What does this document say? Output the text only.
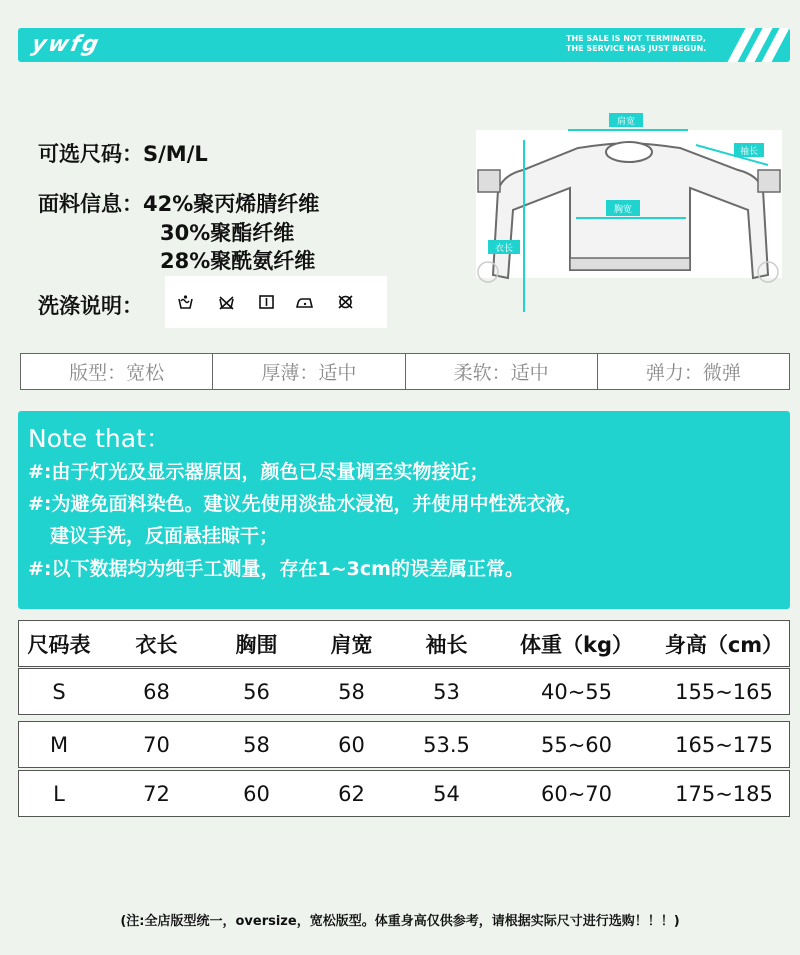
ywfg	THE SALE IS NOT TERMINATED,
THE SERVICE HAS JUST BEGUN.
可选尺码：S/M/L
面料信息：42%聚丙烯腈纤维
30%聚酯纤维
28%聚酰氨纤维
洗涤说明：
肩宽
袖长
胸宽
衣长
版型：宽松	厚薄：适中	柔软：适中	弹力：微弹
Note that：
#:由于灯光及显示器原因，颜色已尽量调至实物接近；
#:为避免面料染色。建议先使用淡盐水浸泡，并使用中性洗衣液，
建议手洗，反面悬挂晾干；
#:以下数据均为纯手工测量，存在1~3cm的误差属正常。
尺码表	衣长	胸围	肩宽	袖长	体重（kg）	身高（cm）
S	68	56	58	53	40~55	155~165
M	70	58	60	53.5	55~60	165~175
L	72	60	62	54	60~70	175~185
(注:全店版型统一，oversize，宽松版型。体重身高仅供参考，请根据实际尺寸进行选购！！！)
